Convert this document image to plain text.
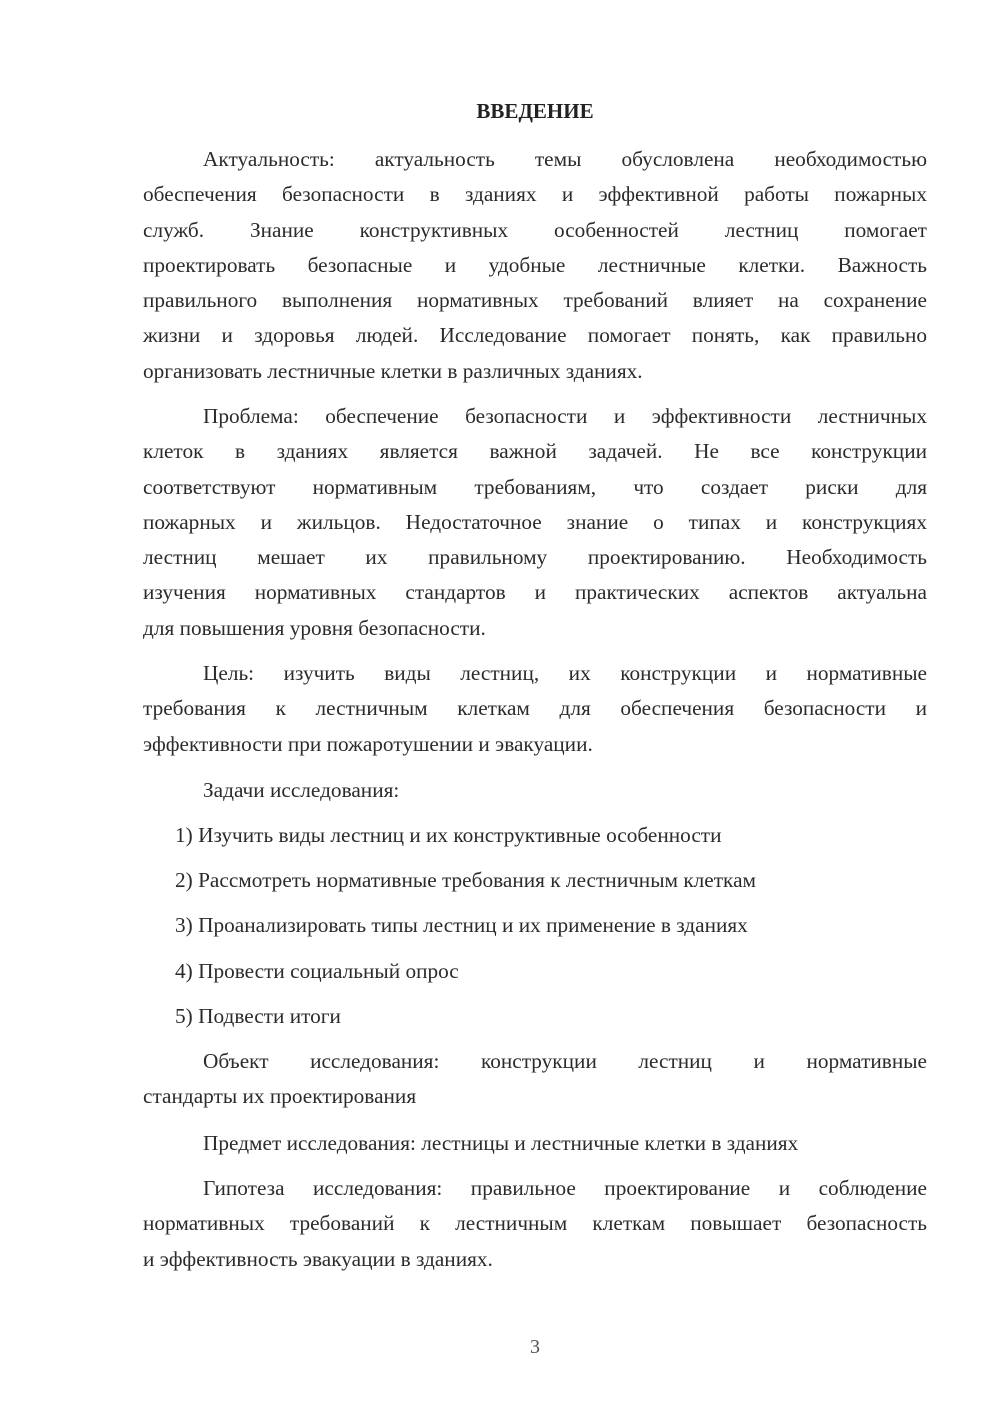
ВВЕДЕНИЕ
Актуальность: актуальность темы обусловлена необходимостью
обеспечения безопасности в зданиях и эффективной работы пожарных
служб. Знание конструктивных особенностей лестниц помогает
проектировать безопасные и удобные лестничные клетки. Важность
правильного выполнения нормативных требований влияет на сохранение
жизни и здоровья людей. Исследование помогает понять, как правильно
организовать лестничные клетки в различных зданиях.
Проблема: обеспечение безопасности и эффективности лестничных
клеток в зданиях является важной задачей. Не все конструкции
соответствуют нормативным требованиям, что создает риски для
пожарных и жильцов. Недостаточное знание о типах и конструкциях
лестниц мешает их правильному проектированию. Необходимость
изучения нормативных стандартов и практических аспектов актуальна
для повышения уровня безопасности.
Цель: изучить виды лестниц, их конструкции и нормативные
требования к лестничным клеткам для обеспечения безопасности и
эффективности при пожаротушении и эвакуации.
Задачи исследования:
1) Изучить виды лестниц и их конструктивные особенности
2) Рассмотреть нормативные требования к лестничным клеткам
3) Проанализировать типы лестниц и их применение в зданиях
4) Провести социальный опрос
5) Подвести итоги
Объект исследования: конструкции лестниц и нормативные
стандарты их проектирования
Предмет исследования: лестницы и лестничные клетки в зданиях
Гипотеза исследования: правильное проектирование и соблюдение
нормативных требований к лестничным клеткам повышает безопасность
и эффективность эвакуации в зданиях.
3
